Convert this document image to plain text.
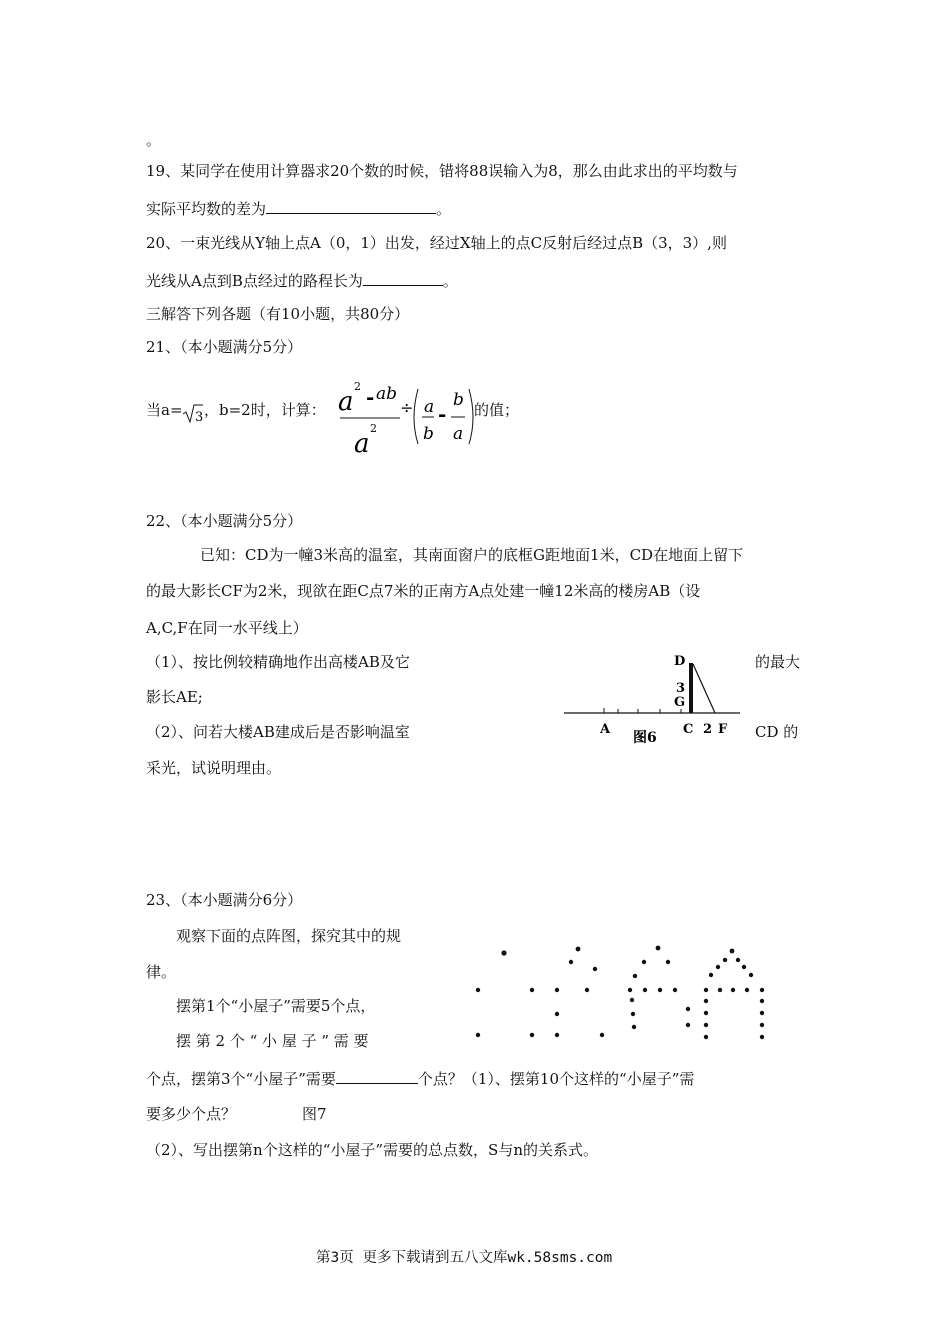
。
19、某同学在使用计算器求20个数的时候，错将88误输入为8，那么由此求出的平均数与
实际平均数的差为	。
20、一束光线从Y轴上点A（0，1）出发，经过X轴上的点C反射后经过点B（3，3）,则
光线从A点到B点经过的路程长为	。
三解答下列各题（有10小题，共80分）
21、（本小题满分5分）
当a= 3 ，b=2时，计算： a
2 - ab
a
2
÷ a
b
-
b
a
的值；
22、（本小题满分5分）
已知：CD为一幢3米高的温室，其南面窗户的底框G距地面1米，CD在地面上留下
的最大影长CF为2米，现欲在距C点7米的正南方A点处建一幢12米高的楼房AB（设
A,C,F在同一水平线上）
（1）、按比例较精确地作出高楼AB及它	的最大
影长AE;
（2）、问若大楼AB建成后是否影响温室	CD 的
采光，试说明理由。
D
3
G
A	C 2 F
图6
23、（本小题满分6分）
观察下面的点阵图，探究其中的规
律。
摆第1个“小屋子”需要5个点，
摆 第 2 个 “ 小 屋 子 ” 需 要
个点，摆第3个“小屋子”需要	个点？（1）、摆第10个这样的“小屋子”需
要多少个点？	图7
（2）、写出摆第n个这样的“小屋子”需要的总点数，S与n的关系式。
第3页 更多下载请到五八文库wk.58sms.com
